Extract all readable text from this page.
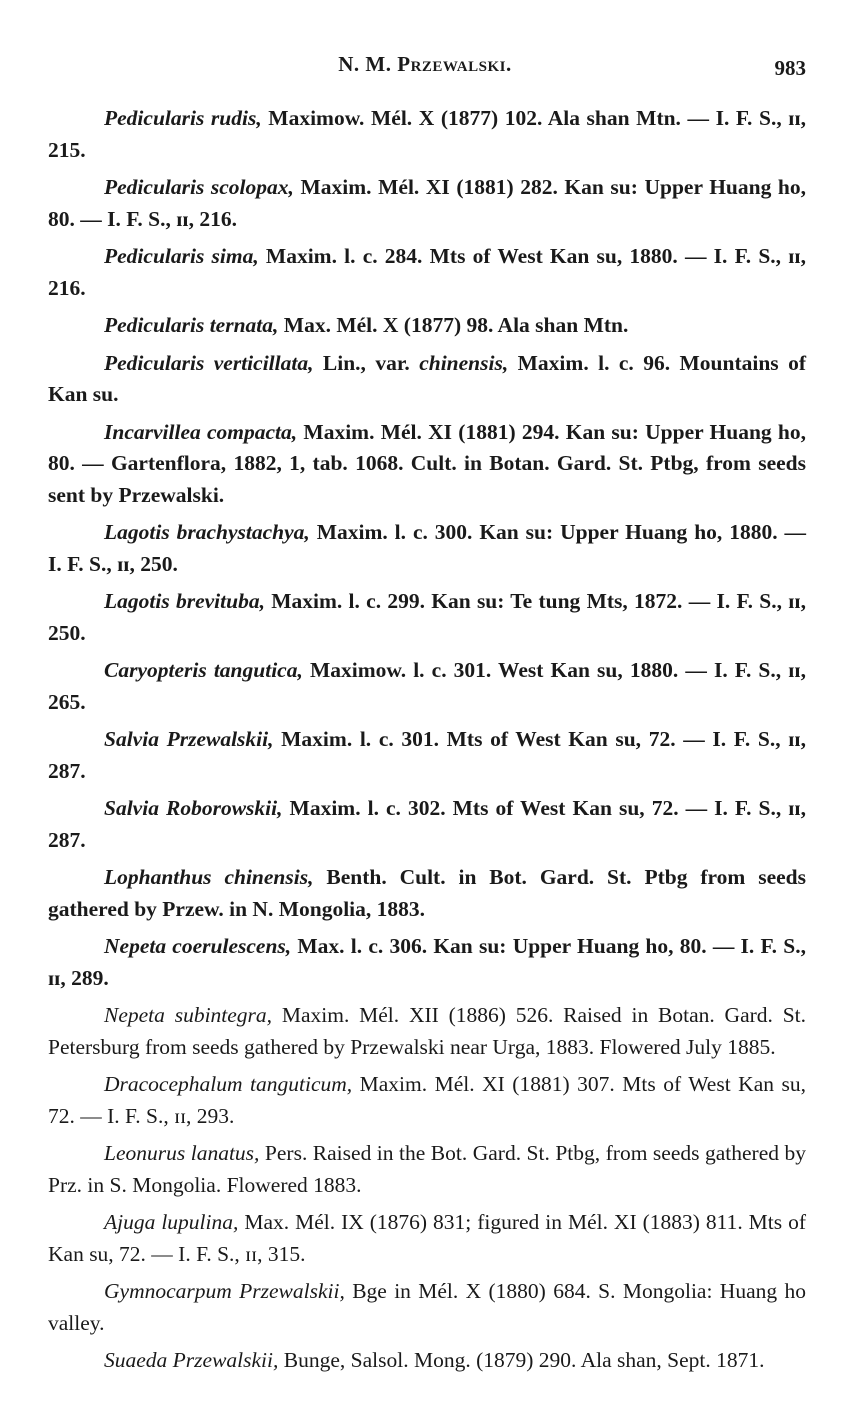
N. M. Przewalski.	983

Pedicularis rudis, Maximow. Mél. X (1877) 102. Ala shan Mtn. — I. F. S., ɪɪ, 215.

Pedicularis scolopax, Maxim. Mél. XI (1881) 282. Kan su: Upper Huang ho, 80. — I. F. S., ɪɪ, 216.

Pedicularis sima, Maxim. l. c. 284. Mts of West Kan su, 1880. — I. F. S., ɪɪ, 216.

Pedicularis ternata, Max. Mél. X (1877) 98. Ala shan Mtn.

Pedicularis verticillata, Lin., var. chinensis, Maxim. l. c. 96. Mountains of Kan su.

Incarvillea compacta, Maxim. Mél. XI (1881) 294. Kan su: Upper Huang ho, 80. — Gartenflora, 1882, 1, tab. 1068. Cult. in Botan. Gard. St. Ptbg, from seeds sent by Przewalski.

Lagotis brachystachya, Maxim. l. c. 300. Kan su: Upper Huang ho, 1880. — I. F. S., ɪɪ, 250.

Lagotis brevituba, Maxim. l. c. 299. Kan su: Te tung Mts, 1872. — I. F. S., ɪɪ, 250.

Caryopteris tangutica, Maximow. l. c. 301. West Kan su, 1880. — I. F. S., ɪɪ, 265.

Salvia Przewalskii, Maxim. l. c. 301. Mts of West Kan su, 72. — I. F. S., ɪɪ, 287.

Salvia Roborowskii, Maxim. l. c. 302. Mts of West Kan su, 72. — I. F. S., ɪɪ, 287.

Lophanthus chinensis, Benth. Cult. in Bot. Gard. St. Ptbg from seeds gathered by Przew. in N. Mongolia, 1883.

Nepeta coerulescens, Max. l. c. 306. Kan su: Upper Huang ho, 80. — I. F. S., ɪɪ, 289.

Nepeta subintegra, Maxim. Mél. XII (1886) 526. Raised in Botan. Gard. St. Petersburg from seeds gathered by Przewalski near Urga, 1883. Flowered July 1885.

Dracocephalum tanguticum, Maxim. Mél. XI (1881) 307. Mts of West Kan su, 72. — I. F. S., ɪɪ, 293.

Leonurus lanatus, Pers. Raised in the Bot. Gard. St. Ptbg, from seeds gathered by Prz. in S. Mongolia. Flowered 1883.

Ajuga lupulina, Max. Mél. IX (1876) 831; figured in Mél. XI (1883) 811. Mts of Kan su, 72. — I. F. S., ɪɪ, 315.

Gymnocarpum Przewalskii, Bge in Mél. X (1880) 684. S. Mongolia: Huang ho valley.

Suaeda Przewalskii, Bunge, Salsol. Mong. (1879) 290. Ala shan, Sept. 1871.
